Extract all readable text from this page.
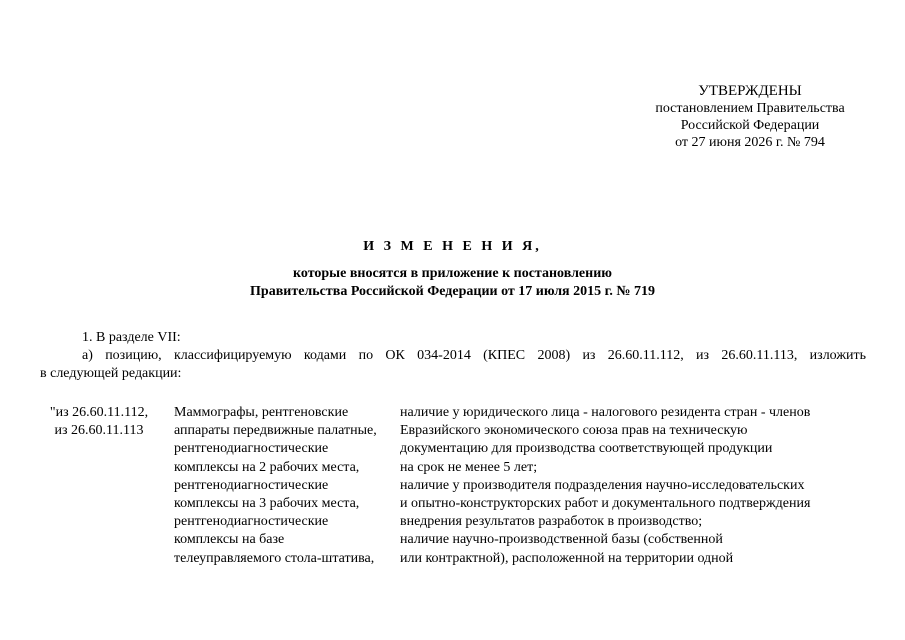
УТВЕРЖДЕНЫ
постановлением Правительства
Российской Федерации
от 27 июня 2026 г. № 794
И З М Е Н Е Н И Я,
которые вносятся в приложение к постановлению
Правительства Российской Федерации от 17 июля 2015 г. № 719
1. В разделе VII:
а) позицию, классифицируемую кодами по ОК 034-2014 (КПЕС 2008) из 26.60.11.112, из 26.60.11.113, изложить
в следующей редакции:
"из 26.60.11.112,
из 26.60.11.113
Маммографы, рентгеновские
аппараты передвижные палатные,
рентгенодиагностические
комплексы на 2 рабочих места,
рентгенодиагностические
комплексы на 3 рабочих места,
рентгенодиагностические
комплексы на базе
телеуправляемого стола-штатива,
наличие у юридического лица - налогового резидента стран - членов
Евразийского экономического союза прав на техническую
документацию для производства соответствующей продукции
на срок не менее 5 лет;
наличие у производителя подразделения научно-исследовательских
и опытно-конструкторских работ и документального подтверждения
внедрения результатов разработок в производство;
наличие научно-производственной базы (собственной
или контрактной), расположенной на территории одной
